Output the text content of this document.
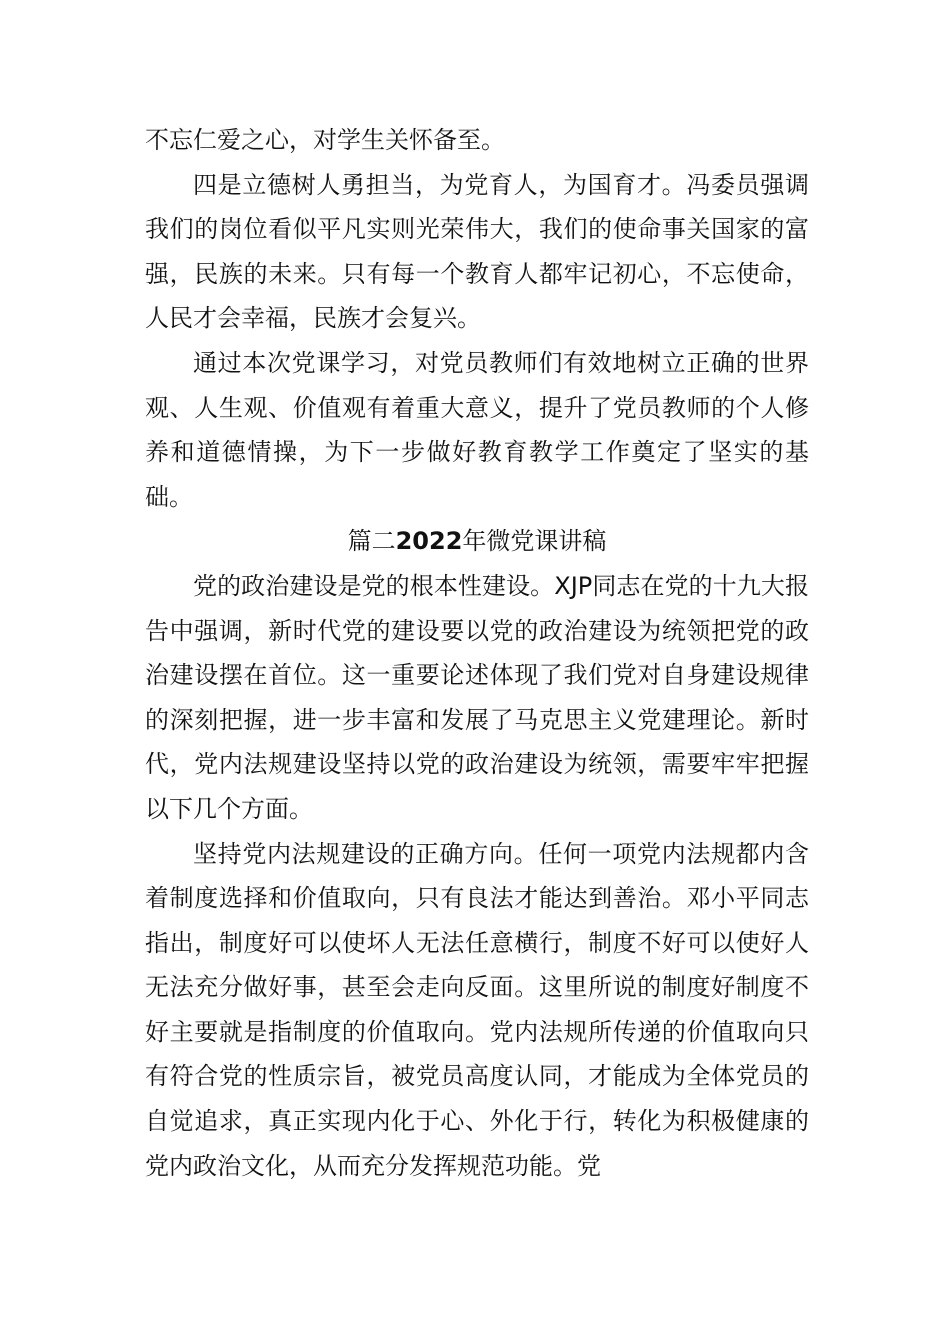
不忘仁爱之心，对学生关怀备至。

四是立德树人勇担当，为党育人，为国育才。冯委员强调我们的岗位看似平凡实则光荣伟大，我们的使命事关国家的富强，民族的未来。只有每一个教育人都牢记初心，不忘使命，人民才会幸福，民族才会复兴。

通过本次党课学习，对党员教师们有效地树立正确的世界观、人生观、价值观有着重大意义，提升了党员教师的个人修养和道德情操，为下一步做好教育教学工作奠定了坚实的基础。

篇二2022年微党课讲稿

党的政治建设是党的根本性建设。XJP同志在党的十九大报告中强调，新时代党的建设要以党的政治建设为统领把党的政治建设摆在首位。这一重要论述体现了我们党对自身建设规律的深刻把握，进一步丰富和发展了马克思主义党建理论。新时代，党内法规建设坚持以党的政治建设为统领，需要牢牢把握以下几个方面。

坚持党内法规建设的正确方向。任何一项党内法规都内含着制度选择和价值取向，只有良法才能达到善治。邓小平同志指出，制度好可以使坏人无法任意横行，制度不好可以使好人无法充分做好事，甚至会走向反面。这里所说的制度好制度不好主要就是指制度的价值取向。党内法规所传递的价值取向只有符合党的性质宗旨，被党员高度认同，才能成为全体党员的自觉追求，真正实现内化于心、外化于行，转化为积极健康的党内政治文化，从而充分发挥规范功能。党
